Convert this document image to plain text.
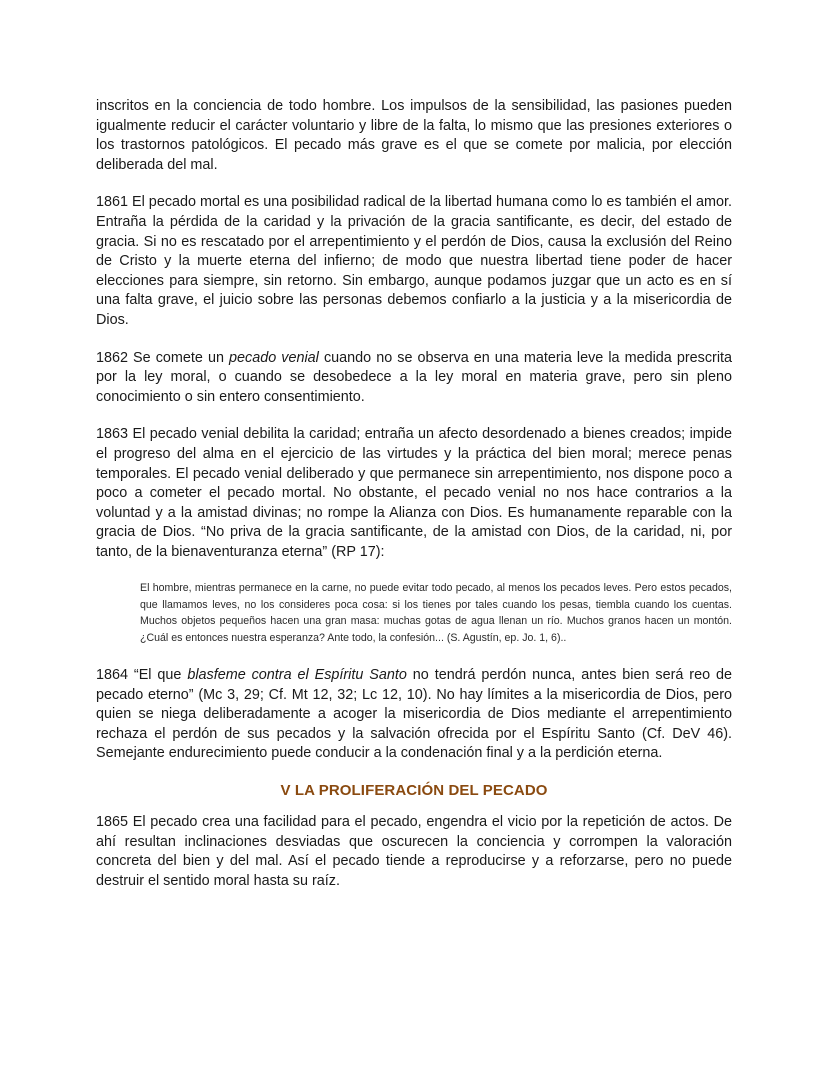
inscritos en la conciencia de todo hombre. Los impulsos de la sensibilidad, las pasiones pueden igualmente reducir el carácter voluntario y libre de la falta, lo mismo que las presiones exteriores o los trastornos patológicos. El pecado más grave es el que se comete por malicia, por elección deliberada del mal.

1861 El pecado mortal es una posibilidad radical de la libertad humana como lo es también el amor. Entraña la pérdida de la caridad y la privación de la gracia santificante, es decir, del estado de gracia. Si no es rescatado por el arrepentimiento y el perdón de Dios, causa la exclusión del Reino de Cristo y la muerte eterna del infierno; de modo que nuestra libertad tiene poder de hacer elecciones para siempre, sin retorno. Sin embargo, aunque podamos juzgar que un acto es en sí una falta grave, el juicio sobre las personas debemos confiarlo a la justicia y a la misericordia de Dios.

1862 Se comete un pecado venial cuando no se observa en una materia leve la medida prescrita por la ley moral, o cuando se desobedece a la ley moral en materia grave, pero sin pleno conocimiento o sin entero consentimiento.

1863 El pecado venial debilita la caridad; entraña un afecto desordenado a bienes creados; impide el progreso del alma en el ejercicio de las virtudes y la práctica del bien moral; merece penas temporales. El pecado venial deliberado y que permanece sin arrepentimiento, nos dispone poco a poco a cometer el pecado mortal. No obstante, el pecado venial no nos hace contrarios a la voluntad y a la amistad divinas; no rompe la Alianza con Dios. Es humanamente reparable con la gracia de Dios. “No priva de la gracia santificante, de la amistad con Dios, de la caridad, ni, por tanto, de la bienaventuranza eterna” (RP 17):

El hombre, mientras permanece en la carne, no puede evitar todo pecado, al menos los pecados leves. Pero estos pecados, que llamamos leves, no los consideres poca cosa: si los tienes por tales cuando los pesas, tiembla cuando los cuentas. Muchos objetos pequeños hacen una gran masa: muchas gotas de agua llenan un río. Muchos granos hacen un montón. ¿Cuál es entonces nuestra esperanza? Ante todo, la confesión... (S. Agustín, ep. Jo. 1, 6)..

1864 “El que blasfeme contra el Espíritu Santo no tendrá perdón nunca, antes bien será reo de pecado eterno” (Mc 3, 29; Cf. Mt 12, 32; Lc 12, 10). No hay límites a la misericordia de Dios, pero quien se niega deliberadamente a acoger la misericordia de Dios mediante el arrepentimiento rechaza el perdón de sus pecados y la salvación ofrecida por el Espíritu Santo (Cf. DeV 46). Semejante endurecimiento puede conducir a la condenación final y a la perdición eterna.

V LA PROLIFERACIÓN DEL PECADO

1865 El pecado crea una facilidad para el pecado, engendra el vicio por la repetición de actos. De ahí resultan inclinaciones desviadas que oscurecen la conciencia y corrompen la valoración concreta del bien y del mal. Así el pecado tiende a reproducirse y a reforzarse, pero no puede destruir el sentido moral hasta su raíz.
